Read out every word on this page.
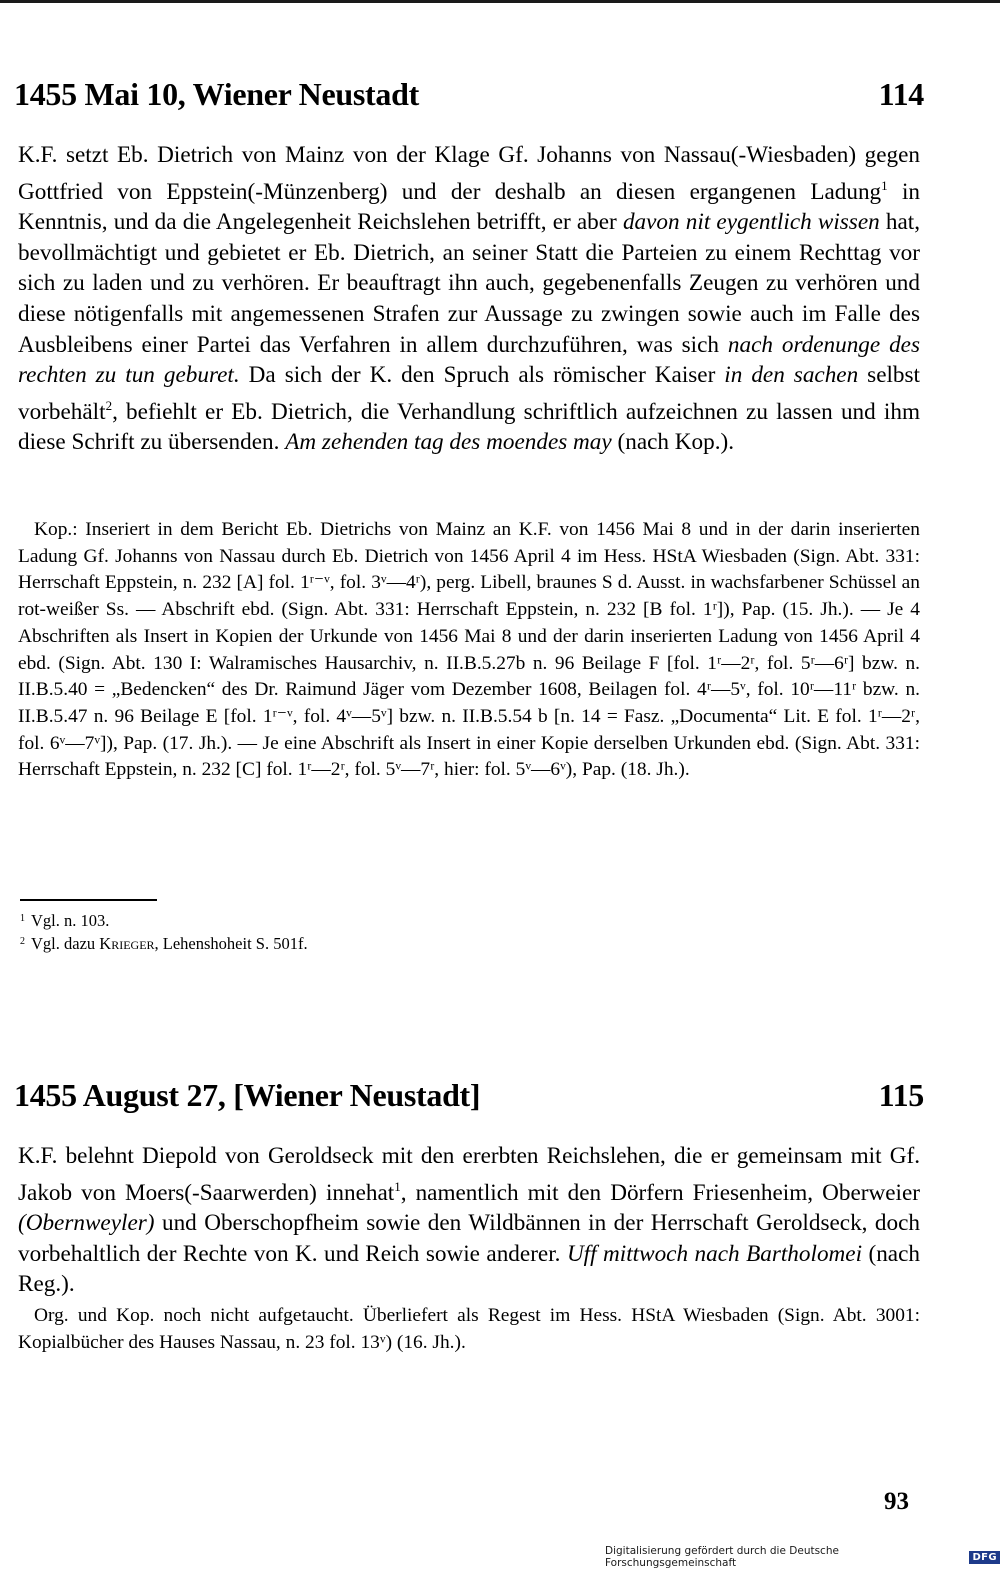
1455 Mai 10, Wiener Neustadt	114

K.F. setzt Eb. Dietrich von Mainz von der Klage Gf. Johanns von Nassau(-Wiesbaden) gegen Gottfried von Eppstein(-Münzenberg) und der deshalb an diesen ergangenen Ladung$^1$ in Kenntnis, und da die Angelegenheit Reichslehen betrifft, er aber davon nit eygentlich wissen hat, bevollmächtigt und gebietet er Eb. Dietrich, an seiner Statt die Parteien zu einem Rechttag vor sich zu laden und zu verhören. Er beauftragt ihn auch, gegebenenfalls Zeugen zu verhören und diese nötigenfalls mit angemessenen Strafen zur Aussage zu zwingen sowie auch im Falle des Ausbleibens einer Partei das Verfahren in allem durchzuführen, was sich nach ordenunge des rechten zu tun geburet. Da sich der K. den Spruch als römischer Kaiser in den sachen selbst vorbehält$^2$, befiehlt er Eb. Dietrich, die Verhandlung schriftlich aufzeichnen zu lassen und ihm diese Schrift zu übersenden. Am zehenden tag des moendes may (nach Kop.).

Kop.: Inseriert in dem Bericht Eb. Dietrichs von Mainz an K.F. von 1456 Mai 8 und in der darin inserierten Ladung Gf. Johanns von Nassau durch Eb. Dietrich von 1456 April 4 im Hess. HStA Wiesbaden (Sign. Abt. 331: Herrschaft Eppstein, n. 232 [A] fol. 1ʳ⁻ᵛ, fol. 3ᵛ—4ʳ), perg. Libell, braunes S d. Ausst. in wachsfarbener Schüssel an rot-weißer Ss. — Abschrift ebd. (Sign. Abt. 331: Herrschaft Eppstein, n. 232 [B fol. 1ʳ]), Pap. (15. Jh.). — Je 4 Abschriften als Insert in Kopien der Urkunde von 1456 Mai 8 und der darin inserierten Ladung von 1456 April 4 ebd. (Sign. Abt. 130 I: Walramisches Hausarchiv, n. II.B.5.27b n. 96 Beilage F [fol. 1ʳ—2ʳ, fol. 5ʳ—6ʳ] bzw. n. II.B.5.40 = „Bedencken“ des Dr. Raimund Jäger vom Dezember 1608, Beilagen fol. 4ʳ—5ᵛ, fol. 10ʳ—11ʳ bzw. n. II.B.5.47 n. 96 Beilage E [fol. 1ʳ⁻ᵛ, fol. 4ᵛ—5ᵛ] bzw. n. II.B.5.54 b [n. 14 = Fasz. „Documenta“ Lit. E fol. 1ʳ—2ʳ, fol. 6ᵛ—7ᵛ]), Pap. (17. Jh.). — Je eine Abschrift als Insert in einer Kopie derselben Urkunden ebd. (Sign. Abt. 331: Herrschaft Eppstein, n. 232 [C] fol. 1ʳ—2ʳ, fol. 5ᵛ—7ʳ, hier: fol. 5ᵛ—6ᵛ), Pap. (18. Jh.).

$^1$ Vgl. n. 103.
$^2$ Vgl. dazu Krieger, Lehenshoheit S. 501f.
1455 August 27, [Wiener Neustadt]	115

K.F. belehnt Diepold von Geroldseck mit den ererbten Reichslehen, die er gemeinsam mit Gf. Jakob von Moers(-Saarwerden) innehat$^1$, namentlich mit den Dörfern Friesenheim, Oberweier (Obernweyler) und Oberschopfheim sowie den Wildbännen in der Herrschaft Geroldseck, doch vorbehaltlich der Rechte von K. und Reich sowie anderer. Uff mittwoch nach Bartholomei (nach Reg.).

Org. und Kop. noch nicht aufgetaucht. Überliefert als Regest im Hess. HStA Wiesbaden (Sign. Abt. 3001: Kopialbücher des Hauses Nassau, n. 23 fol. 13ᵛ) (16. Jh.).

93
Digitalisierung gefördert durch die Deutsche Forschungsgemeinschaft	DFG
